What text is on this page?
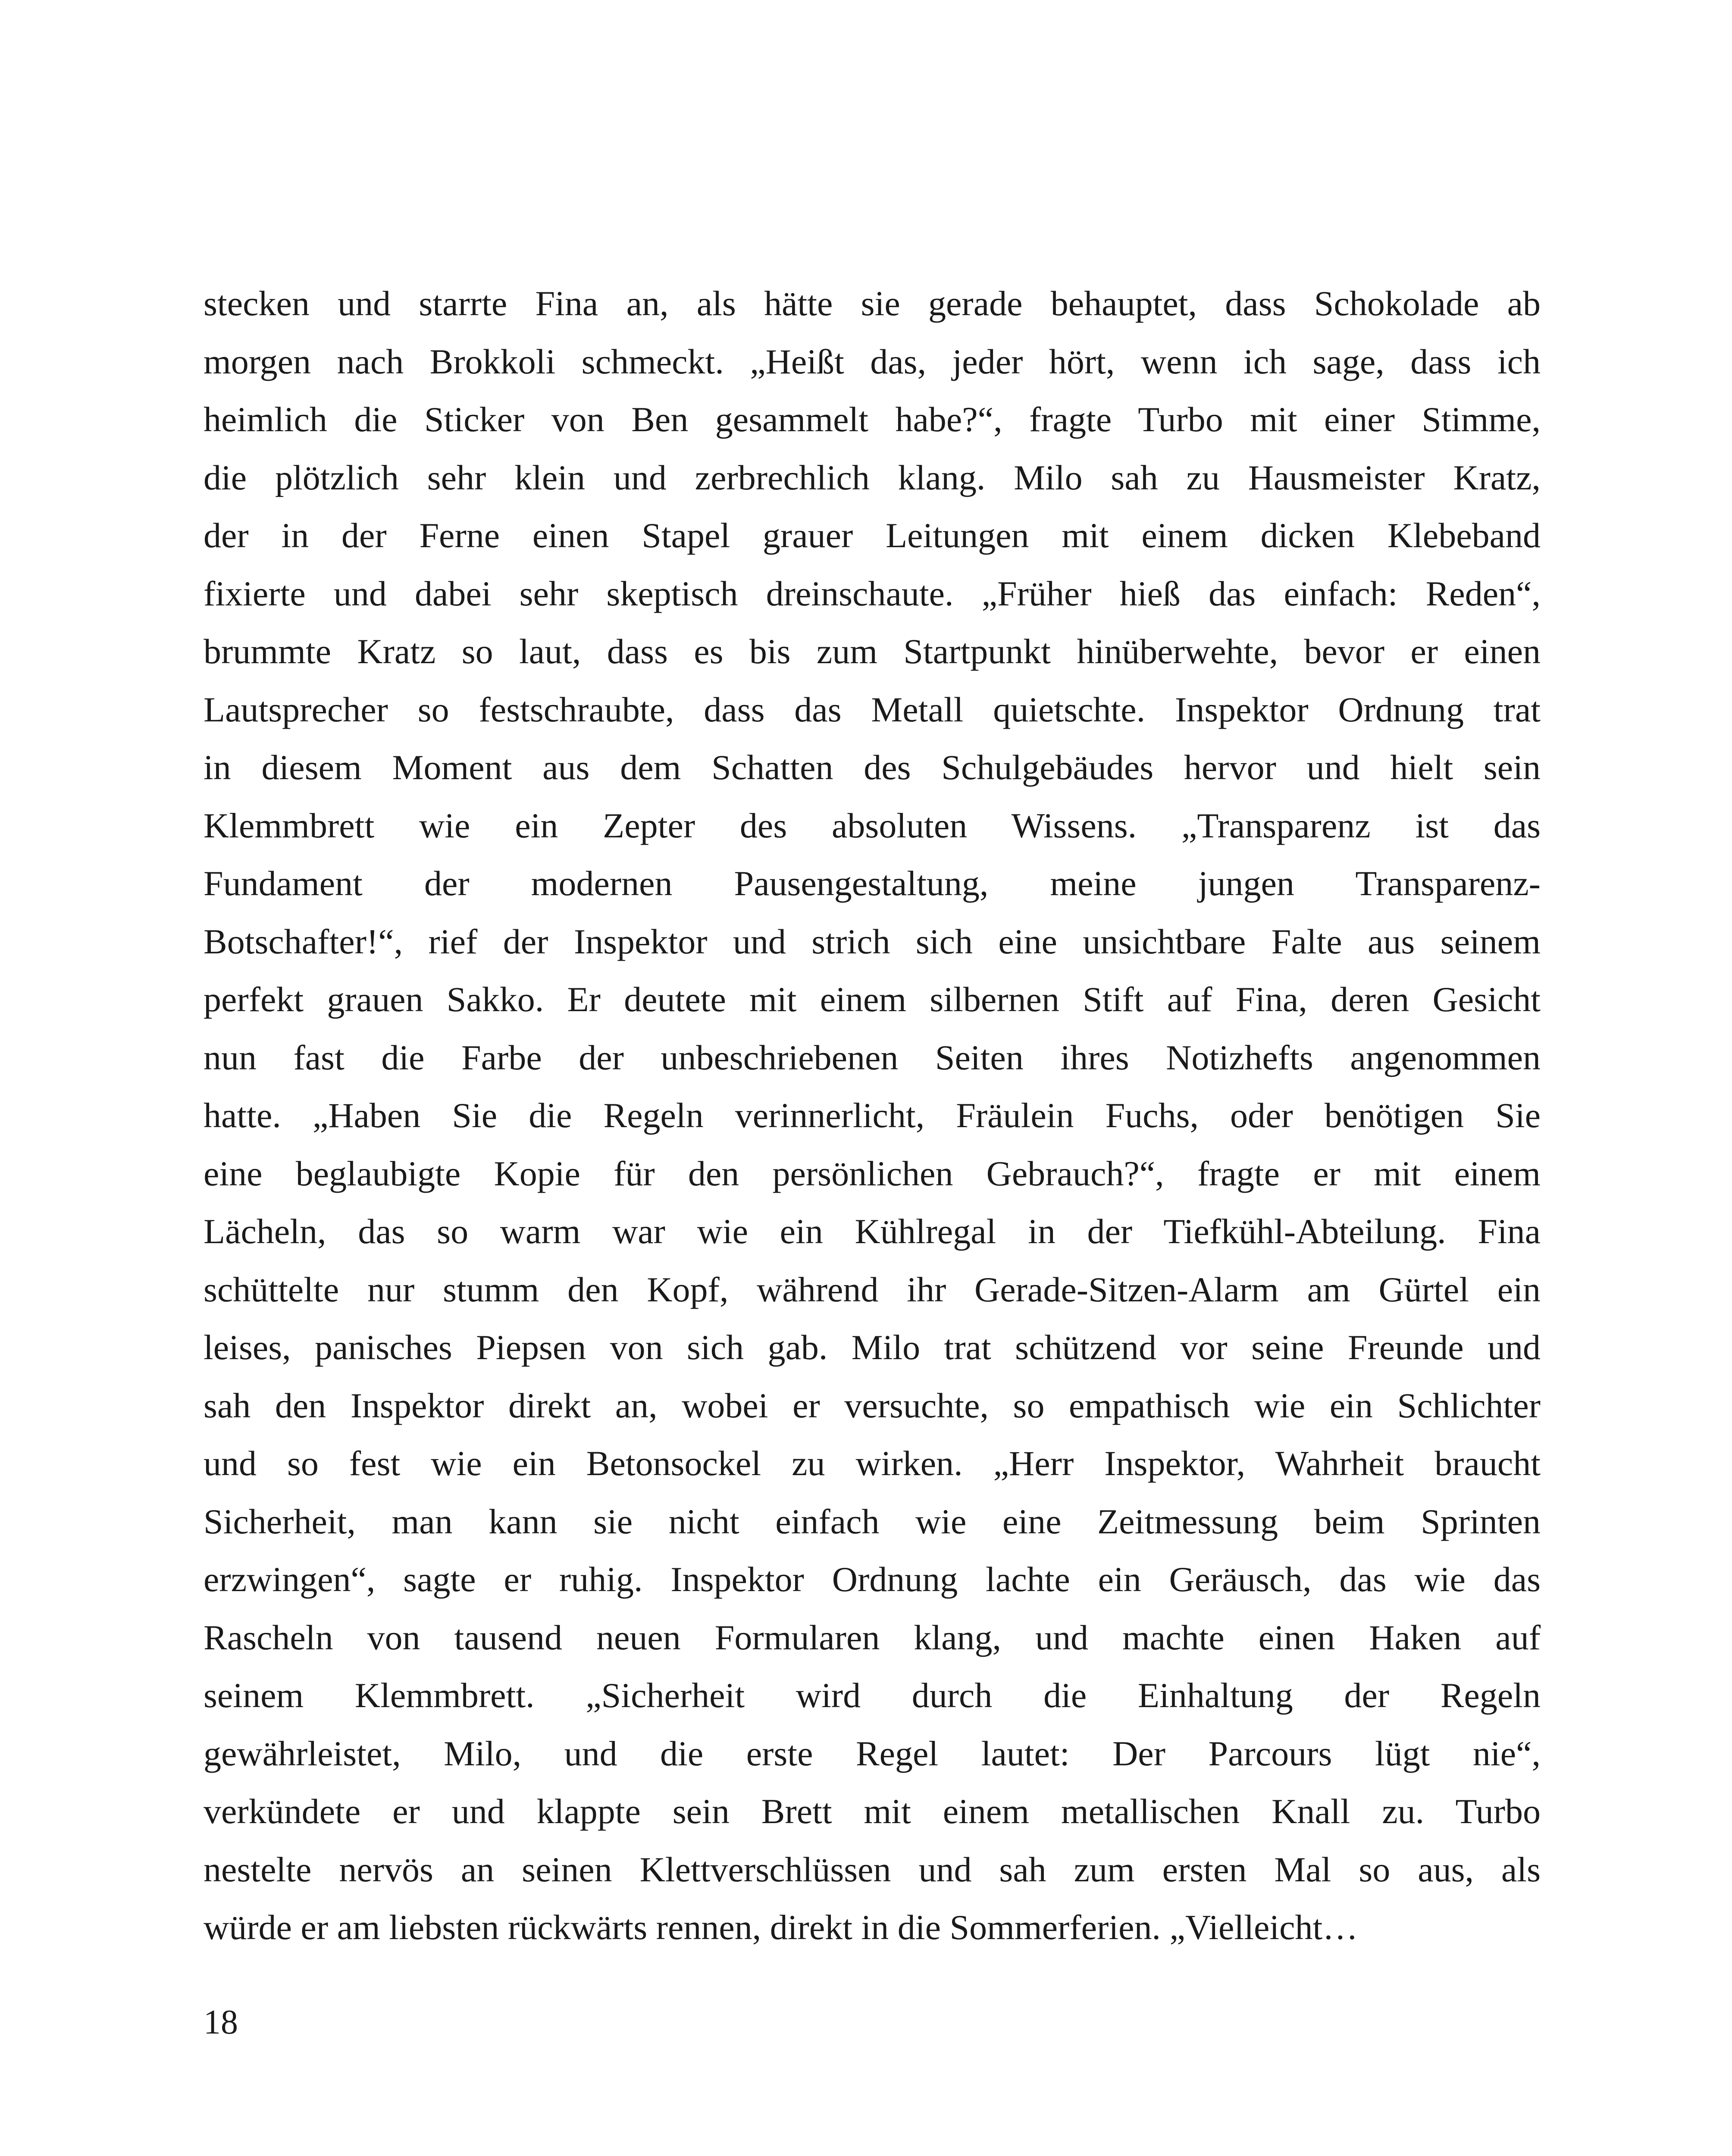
stecken und starrte Fina an, als hätte sie gerade behauptet, dass Schokolade ab
morgen nach Brokkoli schmeckt. „Heißt das, jeder hört, wenn ich sage, dass ich
heimlich die Sticker von Ben gesammelt habe?“, fragte Turbo mit einer Stimme,
die plötzlich sehr klein und zerbrechlich klang. Milo sah zu Hausmeister Kratz,
der in der Ferne einen Stapel grauer Leitungen mit einem dicken Klebeband
fixierte und dabei sehr skeptisch dreinschaute. „Früher hieß das einfach: Reden“,
brummte Kratz so laut, dass es bis zum Startpunkt hinüberwehte, bevor er einen
Lautsprecher so festschraubte, dass das Metall quietschte. Inspektor Ordnung trat
in diesem Moment aus dem Schatten des Schulgebäudes hervor und hielt sein
Klemmbrett wie ein Zepter des absoluten Wissens. „Transparenz ist das
Fundament der modernen Pausengestaltung, meine jungen Transparenz-
Botschafter!“, rief der Inspektor und strich sich eine unsichtbare Falte aus seinem
perfekt grauen Sakko. Er deutete mit einem silbernen Stift auf Fina, deren Gesicht
nun fast die Farbe der unbeschriebenen Seiten ihres Notizhefts angenommen
hatte. „Haben Sie die Regeln verinnerlicht, Fräulein Fuchs, oder benötigen Sie
eine beglaubigte Kopie für den persönlichen Gebrauch?“, fragte er mit einem
Lächeln, das so warm war wie ein Kühlregal in der Tiefkühl-Abteilung. Fina
schüttelte nur stumm den Kopf, während ihr Gerade-Sitzen-Alarm am Gürtel ein
leises, panisches Piepsen von sich gab. Milo trat schützend vor seine Freunde und
sah den Inspektor direkt an, wobei er versuchte, so empathisch wie ein Schlichter
und so fest wie ein Betonsockel zu wirken. „Herr Inspektor, Wahrheit braucht
Sicherheit, man kann sie nicht einfach wie eine Zeitmessung beim Sprinten
erzwingen“, sagte er ruhig. Inspektor Ordnung lachte ein Geräusch, das wie das
Rascheln von tausend neuen Formularen klang, und machte einen Haken auf
seinem Klemmbrett. „Sicherheit wird durch die Einhaltung der Regeln
gewährleistet, Milo, und die erste Regel lautet: Der Parcours lügt nie“,
verkündete er und klappte sein Brett mit einem metallischen Knall zu. Turbo
nestelte nervös an seinen Klettverschlüssen und sah zum ersten Mal so aus, als
würde er am liebsten rückwärts rennen, direkt in die Sommerferien. „Vielleicht…
18
